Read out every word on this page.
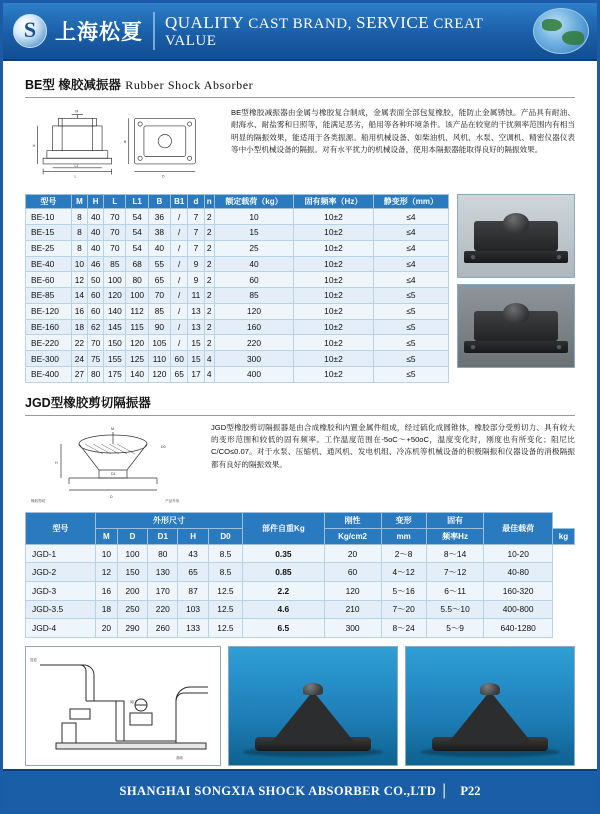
S 上海松夏 QUALITY CAST BRAND, SERVICE CREAT VALUE
BE型 橡胶减振器 Rubber Shock Absorber
M
H
L1
L
B
D
BE型橡胶减振器由金属与橡胶复合制成，金属表面全部包复橡胶，能防止金属锈蚀。产品具有耐油、耐海水、耐盐雾和日照等，能满足恶劣，船用等各种环境条件。该产品在较宽的干扰频率范围内有相当明显的隔振效果，能适用于各类振源。船用机械设备、如柴油机、风机、水泵、空调机、精密仪器仪表等中小型机械设备的隔振。对有水平扰力的机械设备，使用本隔振器能取得良好的隔振效果。
型号	M	H	L	L1	B	B1	d	n	额定载荷（kg）	固有频率（Hz）	静变形（mm）
BE-10	8	40	70	54	36	/	7	2	10	10±2	≤4
BE-15	8	40	70	54	38	/	7	2	15	10±2	≤4
BE-25	8	40	70	54	40	/	7	2	25	10±2	≤4
BE-40	10	46	85	68	55	/	9	2	40	10±2	≤4
BE-60	12	50	100	80	65	/	9	2	60	10±2	≤4
BE-85	14	60	120	100	70	/	11	2	85	10±2	≤5
BE-120	16	60	140	112	85	/	13	2	120	10±2	≤5
BE-160	18	62	145	115	90	/	13	2	160	10±2	≤5
BE-220	22	70	150	120	105	/	15	2	220	10±2	≤5
BE-300	24	75	155	125	110	60	15	4	300	10±2	≤5
BE-400	27	80	175	140	120	65	17	4	400	10±2	≤5
JGD型橡胶剪切隔振器
M
H
D
D1
D0
橡胶剪切	产品外形
JGD型橡胶剪切隔振器是由合成橡胶和内置金属件组成，经过硫化成圆锥体，橡胶部分受剪切力、具有较大的变形范围和较低的固有频率。工作温度范围在-5oC～+50oC，温度变化时，刚度也有所变化；阻尼比C/CO≤0.07。对于水泵、压缩机、通风机、发电机组、冷冻机等机械设备的积极隔振和仪器设备的消极隔振都有良好的隔振效果。
型号	外形尺寸					部件自重Kg	刚性	变形	固有	最佳载荷	
	M	D	D1	H	D0		Kg/cm2	mm	频率Hz		kg
JGD-1	10	100	80	43	8.5	0.35	20	2～8	8～14	10-20	
JGD-2	12	150	130	65	8.5	0.85	60	4～12	7～12	40-80	
JGD-3	16	200	170	87	12.5	2.2	120	5～16	6～11	160-320	
JGD-3.5	18	250	220	103	12.5	4.6	210	7～20	5.5～10	400-800	
JGD-4	20	290	260	133	12.5	6.5	300	8～24	5～9	640-1280	
管道
阀门
基础
SHANGHAI SONGXIA SHOCK ABSORBER CO.,LTD | P22
